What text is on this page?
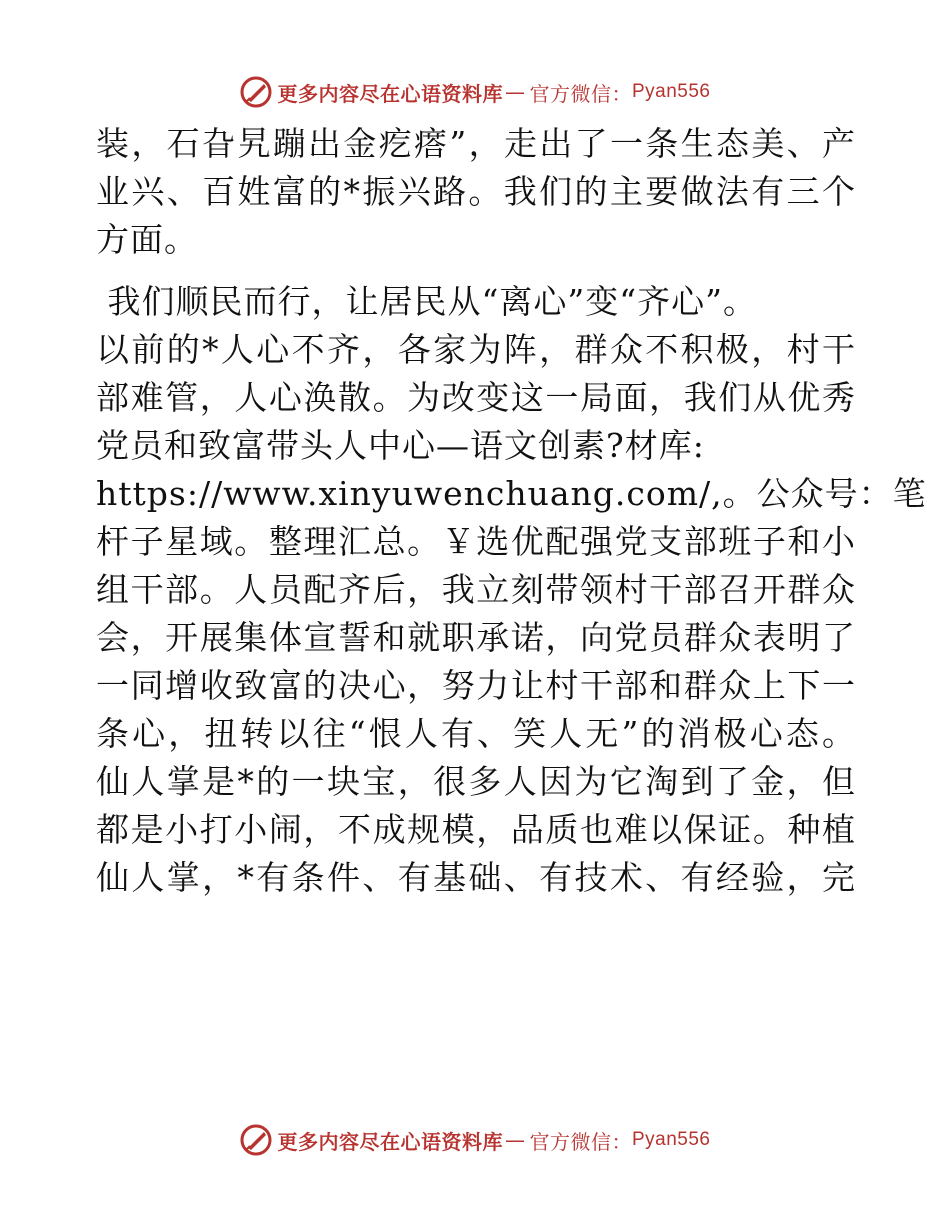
更多内容尽在心语资料库 — 官方微信： Pyan556
装，石旮旯蹦出金疙瘩”，走出了一条生态美、产
业兴、百姓富的*振兴路。我们的主要做法有三个
方面。
我们顺民而行，让居民从“离心”变“齐心”。
以前的*人心不齐，各家为阵，群众不积极，村干
部难管，人心涣散。为改变这一局面，我们从优秀
党员和致富带头人中心—语文创素?材库:
https://www.xinyuwenchuang.com/,。公众号：笔
杆子星域。整理汇总。￥选优配强党支部班子和小
组干部。人员配齐后，我立刻带领村干部召开群众
会，开展集体宣誓和就职承诺，向党员群众表明了
一同增收致富的决心，努力让村干部和群众上下一
条心，扭转以往“恨人有、笑人无”的消极心态。
仙人掌是*的一块宝，很多人因为它淘到了金，但
都是小打小闹，不成规模，品质也难以保证。种植
仙人掌，*有条件、有基础、有技术、有经验，完
更多内容尽在心语资料库 — 官方微信： Pyan556
